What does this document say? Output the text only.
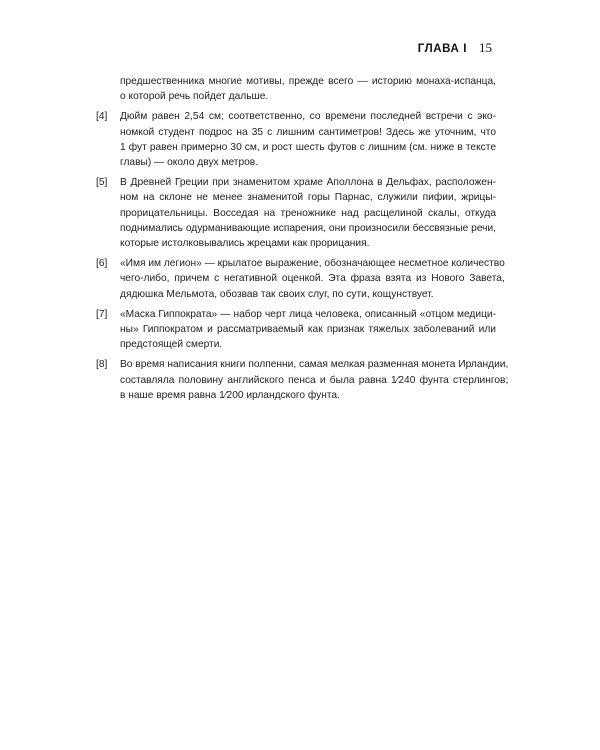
ГЛАВА I 15
предшественника многие мотивы, прежде всего — историю монаха-испанца,
о которой речь пойдет дальше.
[4]	Дюйм равен 2,54 см; соответственно, со времени последней встречи с эко-
номкой студент подрос на 35 с лишним сантиметров! Здесь же уточним, что
1 фут равен примерно 30 см, и рост шесть футов с лишним (см. ниже в тексте
главы) — около двух метров.
[5]	В Древней Греции при знаменитом храме Аполлона в Дельфах, расположен-
ном на склоне не менее знаменитой горы Парнас, служили пифии, жрицы-
прорицательницы. Восседая на треножнике над расщелиной скалы, откуда
поднимались одурманивающие испарения, они произносили бессвязные речи,
которые истолковывались жрецами как прорицания.
[6]	«Имя им легион» — крылатое выражение, обозначающее несметное количество
чего-либо, причем с негативной оценкой. Эта фраза взята из Нового Завета,
дядюшка Мельмота, обозвав так своих слуг, по сути, кощунствует.
[7]	«Маска Гиппократа» — набор черт лица человека, описанный «отцом медици-
ны» Гиппократом и рассматриваемый как признак тяжелых заболеваний или
предстоящей смерти.
[8]	Во время написания книги полпенни, самая мелкая разменная монета Ирландии,
составляла половину английского пенса и была равна 1⁄240 фунта стерлингов;
в наше время равна 1⁄200 ирландского фунта.
